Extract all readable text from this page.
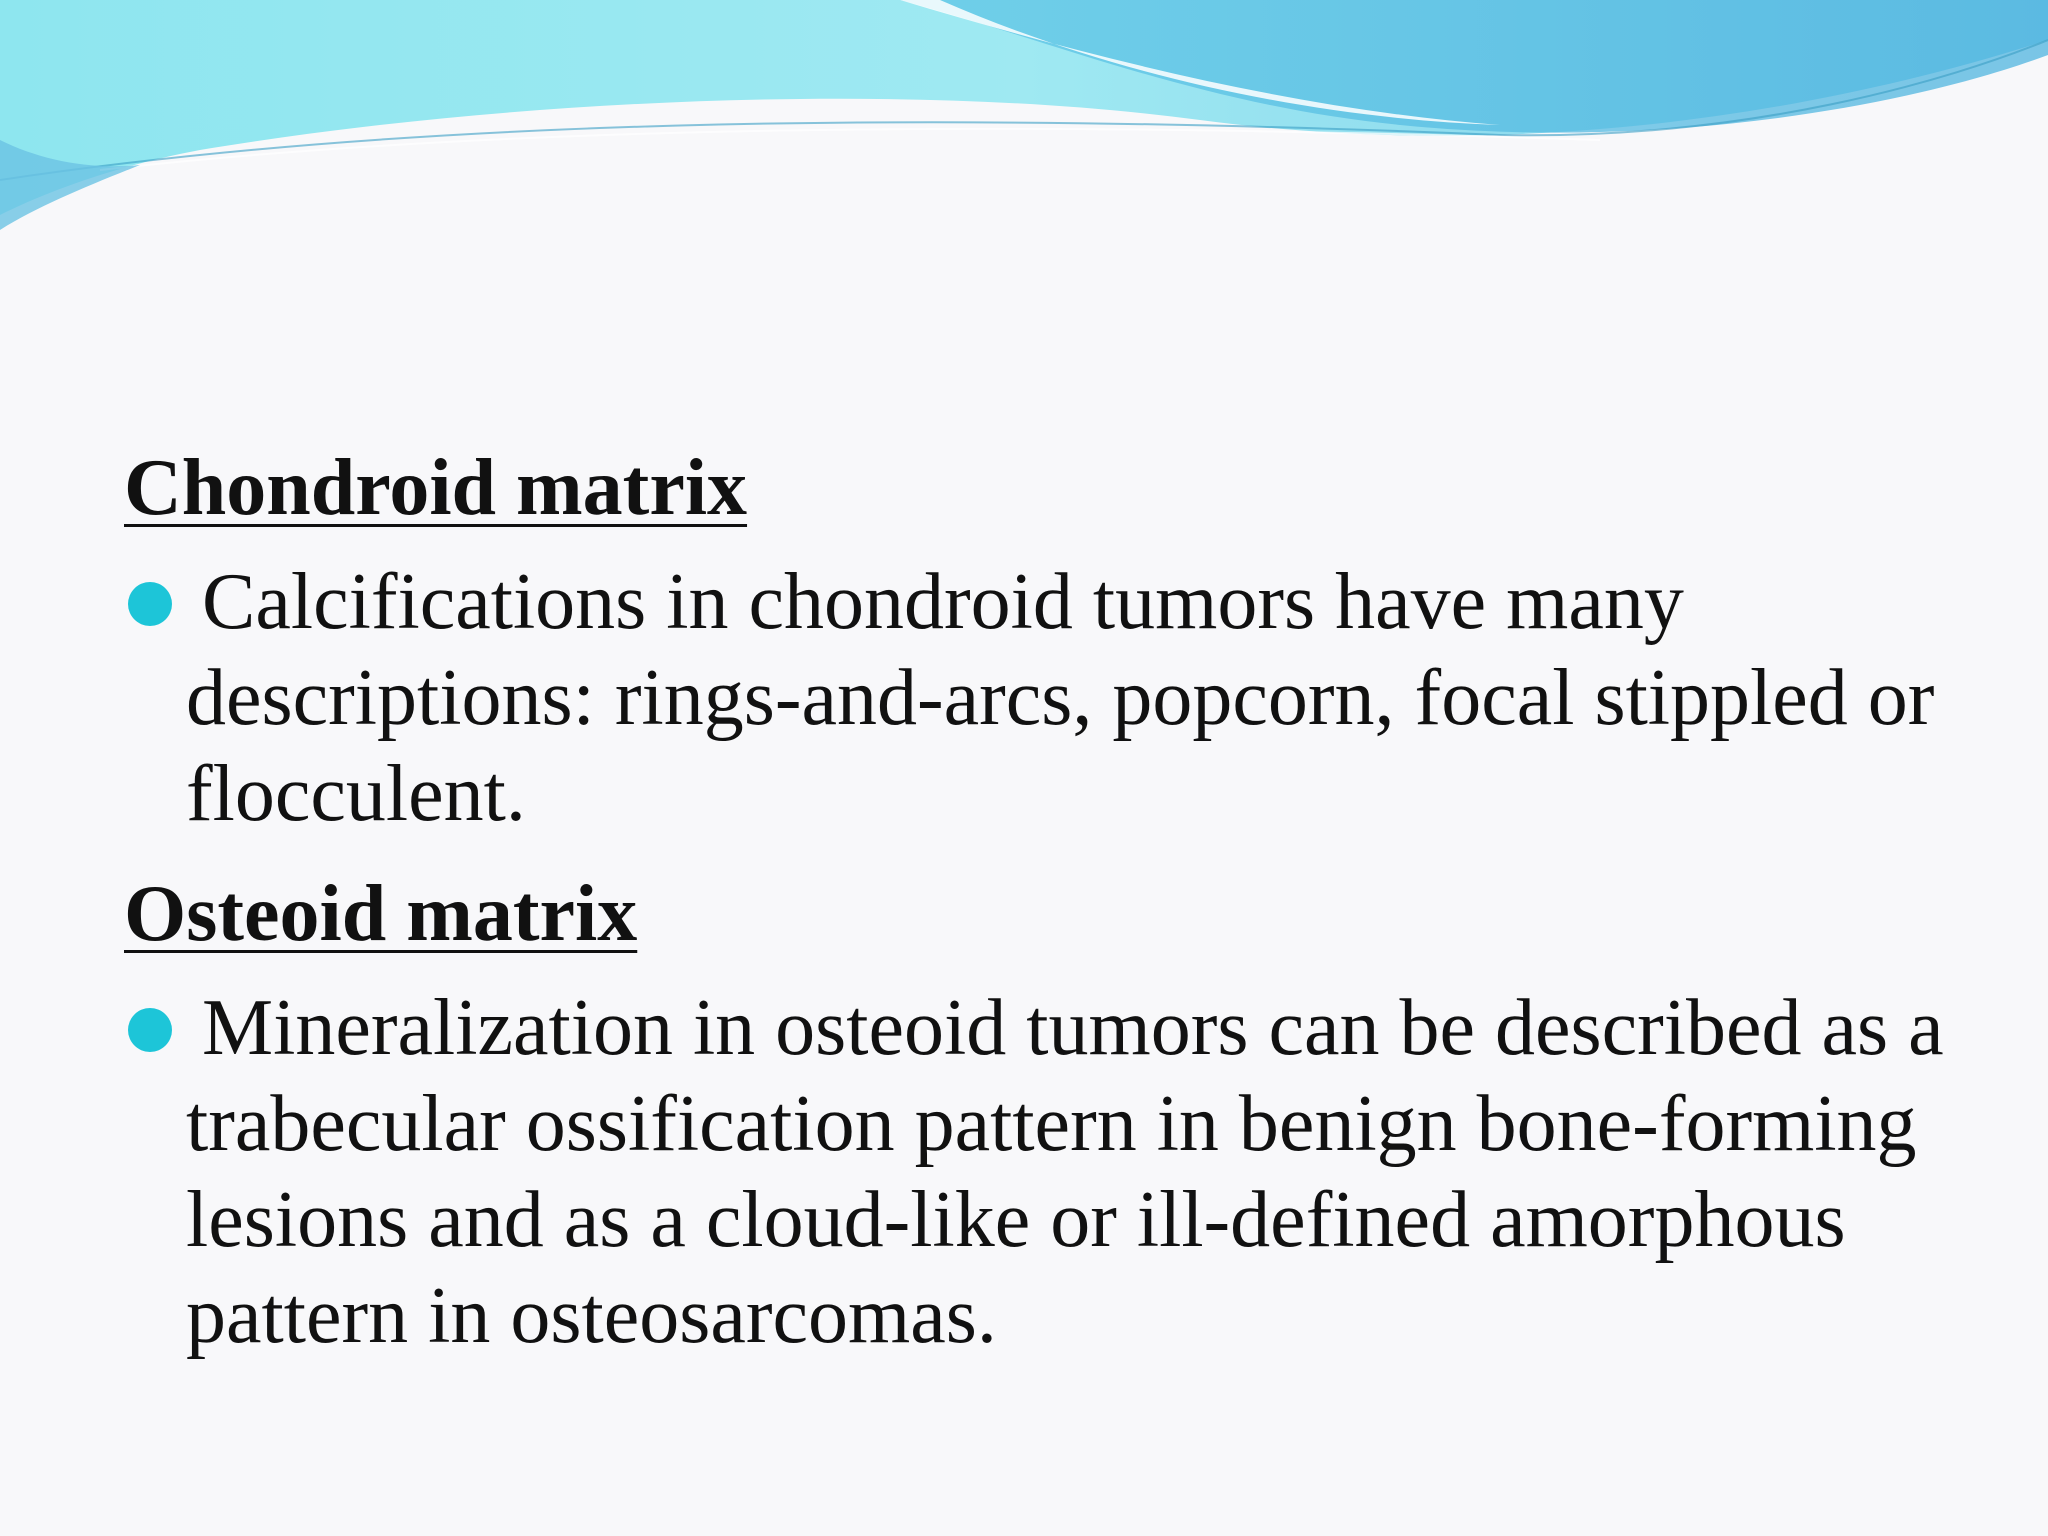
Chondroid matrix
Calcifications in chondroid tumors have many descriptions: rings-and-arcs, popcorn, focal stippled or flocculent.
Osteoid matrix
Mineralization in osteoid tumors can be described as a trabecular ossification pattern in benign bone-forming lesions and as a cloud-like or ill-defined amorphous pattern in osteosarcomas.
